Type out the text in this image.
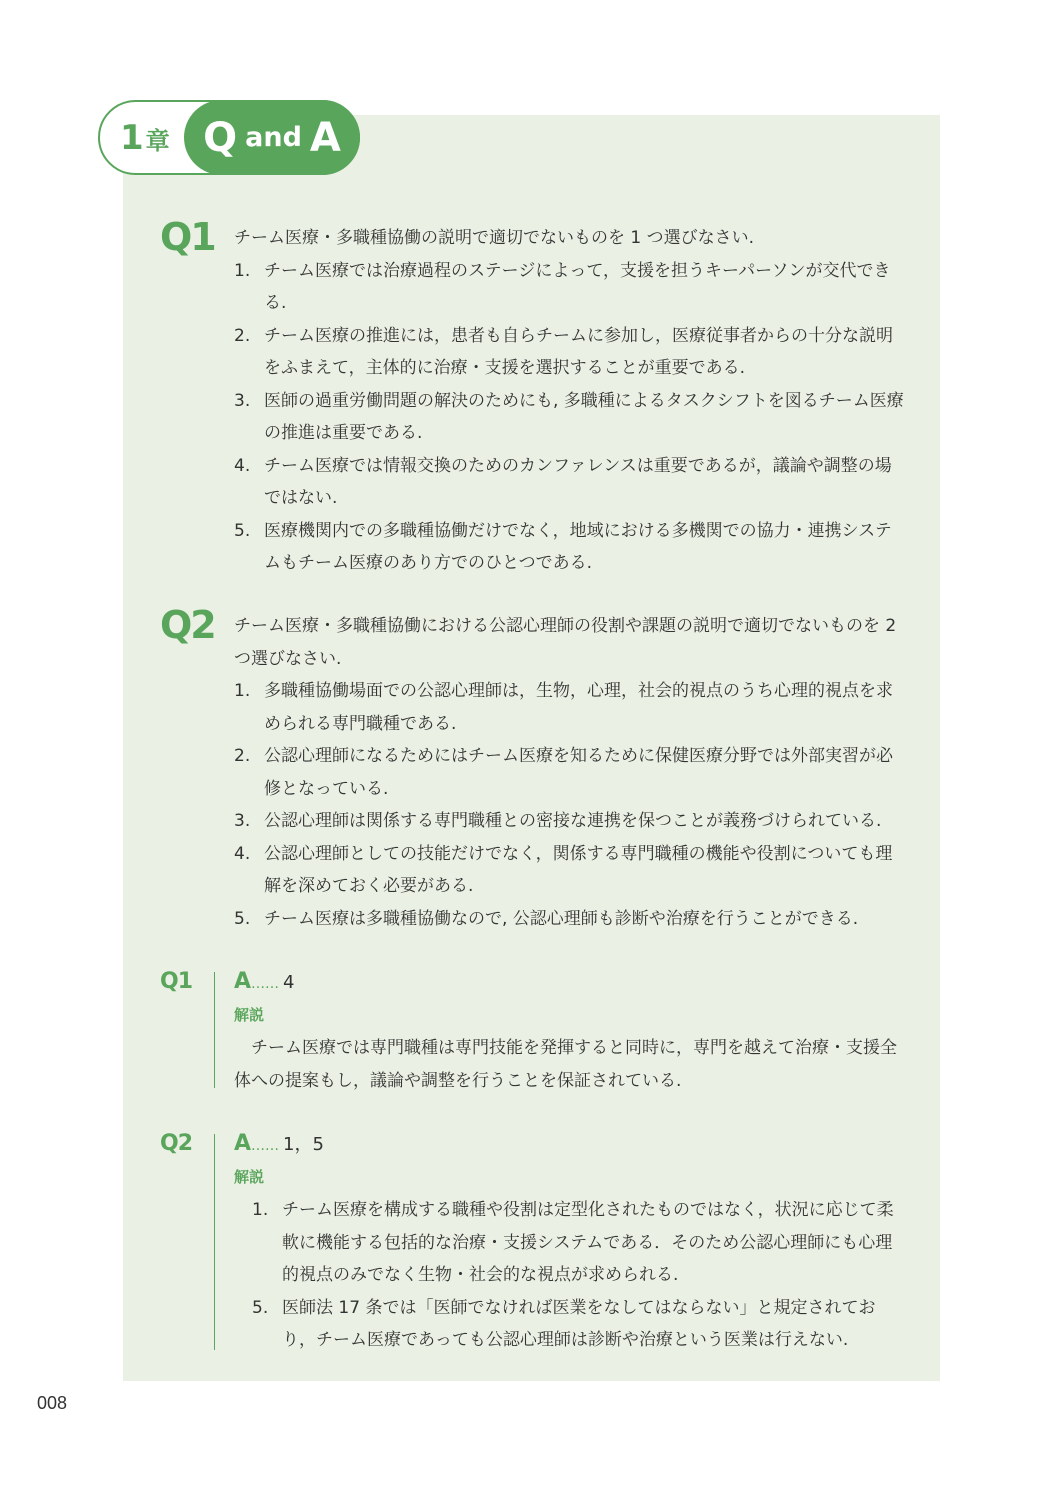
1章 Q and A
Q1 チーム医療・多職種協働の説明で適切でないものを 1 つ選びなさい.
1. チーム医療では治療過程のステージによって，支援を担うキーパーソンが交代できる.
2. チーム医療の推進には，患者も自らチームに参加し，医療従事者からの十分な説明をふまえて，主体的に治療・支援を選択することが重要である.
3. 医師の過重労働問題の解決のためにも, 多職種によるタスクシフトを図るチーム医療の推進は重要である.
4. チーム医療では情報交換のためのカンファレンスは重要であるが，議論や調整の場ではない.
5. 医療機関内での多職種協働だけでなく，地域における多機関での協力・連携システムもチーム医療のあり方でのひとつである.
Q2 チーム医療・多職種協働における公認心理師の役割や課題の説明で適切でないものを 2 つ選びなさい.
1. 多職種協働場面での公認心理師は，生物，心理，社会的視点のうち心理的視点を求められる専門職種である.
2. 公認心理師になるためにはチーム医療を知るために保健医療分野では外部実習が必修となっている.
3. 公認心理師は関係する専門職種との密接な連携を保つことが義務づけられている.
4. 公認心理師としての技能だけでなく，関係する専門職種の機能や役割についても理解を深めておく必要がある.
5. チーム医療は多職種協働なので, 公認心理師も診断や治療を行うことができる.
Q1 A…… 4
解説
チーム医療では専門職種は専門技能を発揮すると同時に，専門を越えて治療・支援全体への提案もし，議論や調整を行うことを保証されている.
Q2 A…… 1，5
解説
1. チーム医療を構成する職種や役割は定型化されたものではなく，状況に応じて柔軟に機能する包括的な治療・支援システムである．そのため公認心理師にも心理的視点のみでなく生物・社会的な視点が求められる.
5. 医師法 17 条では「医師でなければ医業をなしてはならない」と規定されており，チーム医療であっても公認心理師は診断や治療という医業は行えない.
008
